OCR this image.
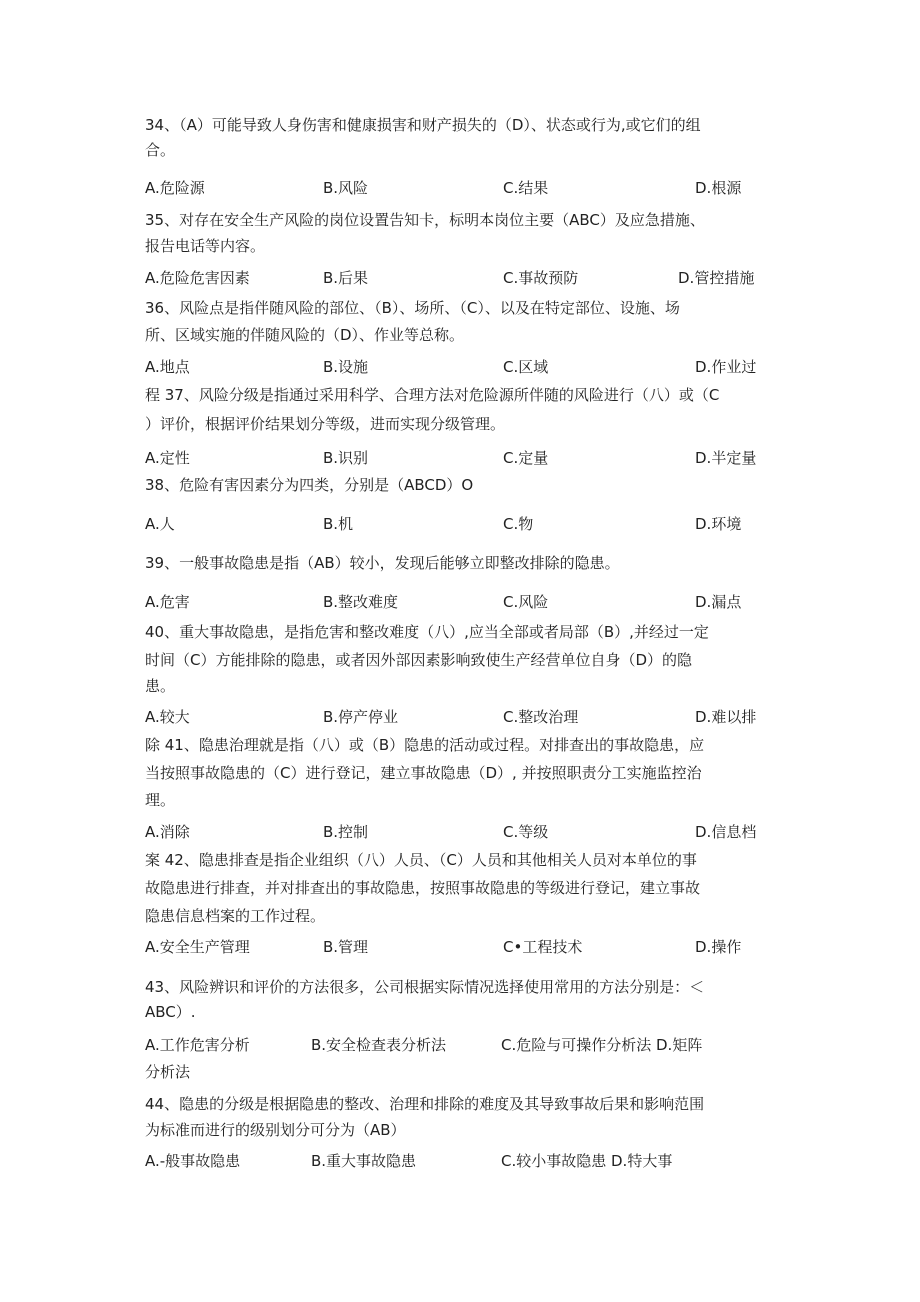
34、（A）可能导致人身伤害和健康损害和财产损失的（D）、状态或行为,或它们的组

合。

A.危险源	B.风险	C.结果	D.根源

35、对存在安全生产风险的岗位设置告知卡，标明本岗位主要（ABC）及应急措施、

报告电话等内容。

A.危险危害因素	B.后果	C.事故预防	D.管控措施

36、风险点是指伴随风险的部位、（B）、场所、（C）、以及在特定部位、设施、场

所、区域实施的伴随风险的（D）、作业等总称。

A.地点	B.设施	C.区域	D.作业过

程 37、风险分级是指通过采用科学、合理方法对危险源所伴随的风险进行（八）或（C

）评价，根据评价结果划分等级，进而实现分级管理。

A.定性	B.识别	C.定量	D.半定量

38、危险有害因素分为四类，分别是（ABCD）O

A.人	B.机	C.物	D.环境

39、一般事故隐患是指（AB）较小，发现后能够立即整改排除的隐患。

A.危害	B.整改难度	C.风险	D.漏点

40、重大事故隐患，是指危害和整改难度（八）,应当全部或者局部（B）,并经过一定

时间（C）方能排除的隐患，或者因外部因素影响致使生产经营单位自身（D）的隐

患。

A.较大	B.停产停业	C.整改治理	D.难以排

除 41、隐患治理就是指（八）或（B）隐患的活动或过程。对排查出的事故隐患，应

当按照事故隐患的（C）进行登记，建立事故隐患（D）, 并按照职责分工实施监控治

理。

A.消除	B.控制	C.等级	D.信息档

案 42、隐患排查是指企业组织（八）人员、（C）人员和其他相关人员对本单位的事

故隐患进行排查，并对排查出的事故隐患，按照事故隐患的等级进行登记，建立事故

隐患信息档案的工作过程。

A.安全生产管理	B.管理	C•工程技术	D.操作

43、风险辨识和评价的方法很多，公司根据实际情况选择使用常用的方法分别是：＜

ABC）.

A.工作危害分析	B.安全检查表分析法	C.危险与可操作分析法 D.矩阵

分析法

44、隐患的分级是根据隐患的整改、治理和排除的难度及其导致事故后果和影响范围

为标准而进行的级别划分可分为（AB）

A.-般事故隐患	B.重大事故隐患	C.较小事故隐患 D.特大事
